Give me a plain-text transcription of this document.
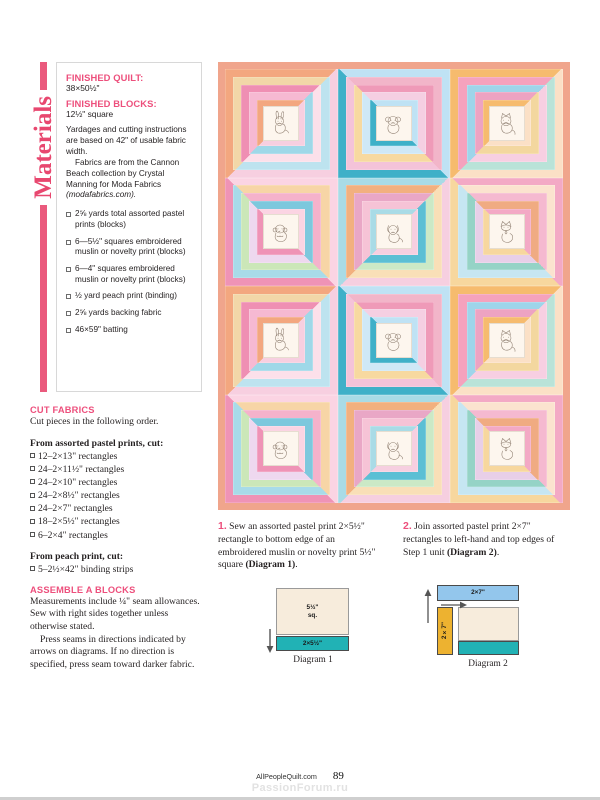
Materials
FINISHED QUILT:
38×50½"
FINISHED BLOCKS:
12½" square
Yardages and cutting instructions are based on 42" of usable fabric width.
Fabrics are from the Cannon Beach collection by Crystal Manning for Moda Fabrics (modafabrics.com).
2⅝ yards total assorted pastel prints (blocks)
6—5½" squares embroidered muslin or novelty print (blocks)
6—4" squares embroidered muslin or novelty print (blocks)
½ yard peach print (binding)
2⅝ yards backing fabric
46×59" batting
CUT FABRICS
Cut pieces in the following order.
From assorted pastel prints, cut:
12–2×13" rectangles
24–2×11½" rectangles
24–2×10" rectangles
24–2×8½" rectangles
24–2×7" rectangles
18–2×5½" rectangles
6–2×4" rectangles
From peach print, cut:
5–2½×42" binding strips
ASSEMBLE A BLOCKS
Measurements include ¼" seam allowances. Sew with right sides together unless otherwise stated.
Press seams in directions indicated by arrows on diagrams. If no direction is specified, press seam toward darker fabric.
1. Sew an assorted pastel print 2×5½" rectangle to bottom edge of an embroidered muslin or novelty print 5½" square (Diagram 1).
2. Join assorted pastel print 2×7" rectangles to left-hand and top edges of Step 1 unit (Diagram 2).
5½"
sq.
2×5½"
Diagram 1
2×7"
2×7"
Diagram 2
AllPeopleQuilt.com 89
PassionForum.ru
